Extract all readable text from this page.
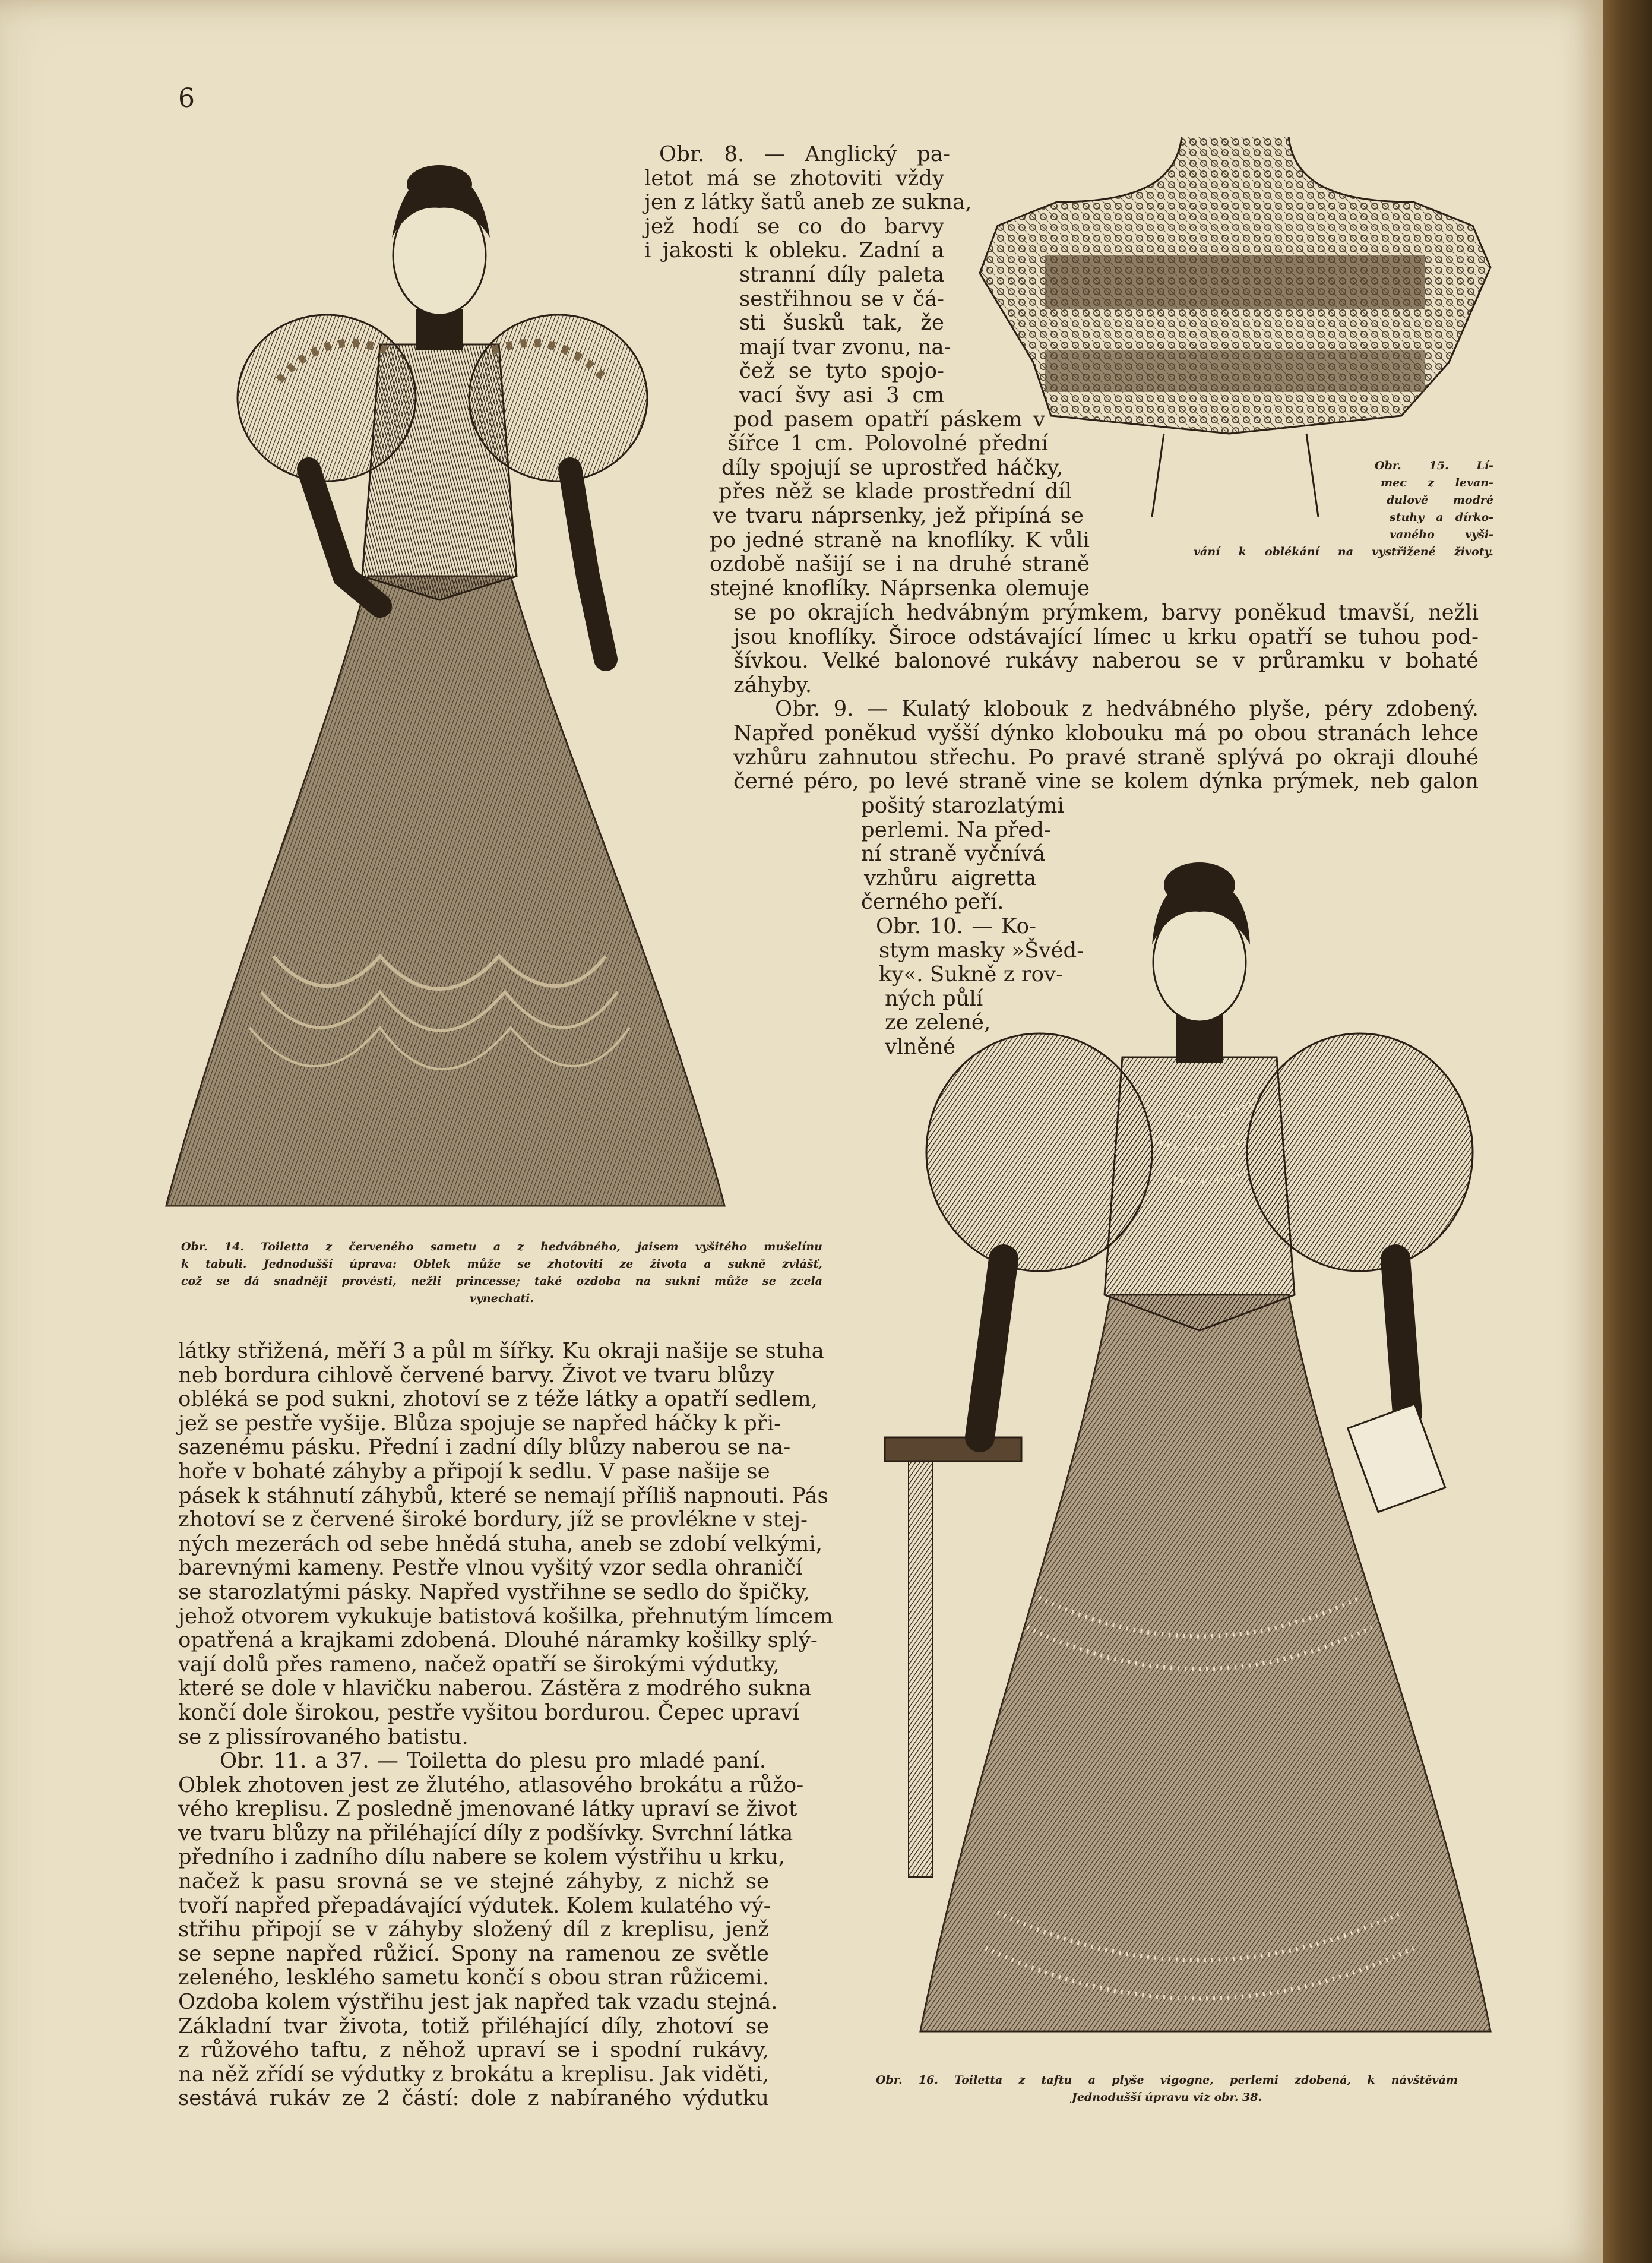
6
Obr. 8. — Anglický pa-
letot má se zhotoviti vždy
jen z látky šatů aneb ze sukna,
jež hodí se co do barvy
i jakosti k obleku. Zadní a
stranní díly paleta
sestřihnou se v čá-
sti šusků tak, že
mají tvar zvonu, na-
čež se tyto spojo-
vací švy asi 3 cm
pod pasem opatří páskem v
šířce 1 cm. Polovolné přední
díly spojují se uprostřed háčky,
přes něž se klade prostřední díl
ve tvaru náprsenky, jež připíná se
po jedné straně na knoflíky. K vůli
ozdobě našijí se i na druhé straně
stejné knoflíky. Náprsenka olemuje
se po okrajích hedvábným prýmkem, barvy poněkud tmavší, nežli
jsou knoflíky. Široce odstávající límec u krku opatří se tuhou pod-
šívkou. Velké balonové rukávy naberou se v průramku v bohaté
záhyby.
Obr. 9. — Kulatý klobouk z hedvábného plyše, péry zdobený.
Napřed poněkud vyšší dýnko klobouku má po obou stranách lehce
vzhůru zahnutou střechu. Po pravé straně splývá po okraji dlouhé
černé péro, po levé straně vine se kolem dýnka prýmek, neb galon
pošitý starozlatými
perlemi. Na před-
ní straně vyčnívá
vzhůru aigretta
černého peří.
Obr. 10. — Ko-
stym masky »Švéd-
ky«. Sukně z rov-
ných půlí
ze zelené,
vlněné
Obr. 14. Toiletta z červeného sametu a z hedvábného, jaisem vyšitého mušelínu
k tabuli. Jednodušší úprava: Oblek může se zhotoviti ze života a sukně zvlášť,
což se dá snadněji provésti, nežli princesse; také ozdoba na sukni může se zcela
vynechati.
Obr. 15. Lí-
mec z levan-
dulově modré
stuhy a dírko-
vaného vyši-
vání k oblékání na vystřižené životy.
látky střižená, měří 3 a půl m šířky. Ku okraji našije se stuha
neb bordura cihlově červené barvy. Život ve tvaru blůzy
obléká se pod sukni, zhotoví se z téže látky a opatří sedlem,
jež se pestře vyšije. Blůza spojuje se napřed háčky k při-
sazenému pásku. Přední i zadní díly blůzy naberou se na-
hoře v bohaté záhyby a připojí k sedlu. V pase našije se
pásek k stáhnutí záhybů, které se nemají příliš napnouti. Pás
zhotoví se z červené široké bordury, jíž se provlékne v stej-
ných mezerách od sebe hnědá stuha, aneb se zdobí velkými,
barevnými kameny. Pestře vlnou vyšitý vzor sedla ohraničí
se starozlatými pásky. Napřed vystřihne se sedlo do špičky,
jehož otvorem vykukuje batistová košilka, přehnutým límcem
opatřená a krajkami zdobená. Dlouhé náramky košilky splý-
vají dolů přes rameno, načež opatří se širokými výdutky,
které se dole v hlavičku naberou. Zástěra z modrého sukna
končí dole širokou, pestře vyšitou bordurou. Čepec upraví
se z plissírovaného batistu.
Obr. 11. a 37. — Toiletta do plesu pro mladé paní.
Oblek zhotoven jest ze žlutého, atlasového brokátu a růžo-
vého kreplisu. Z posledně jmenované látky upraví se život
ve tvaru blůzy na přiléhající díly z podšívky. Svrchní látka
předního i zadního dílu nabere se kolem výstřihu u krku,
načež k pasu srovná se ve stejné záhyby, z nichž se
tvoří napřed přepadávající výdutek. Kolem kulatého vý-
střihu připojí se v záhyby složený díl z kreplisu, jenž
se sepne napřed růžicí. Spony na ramenou ze světle
zeleného, lesklého sametu končí s obou stran růžicemi.
Ozdoba kolem výstřihu jest jak napřed tak vzadu stejná.
Základní tvar života, totiž přiléhající díly, zhotoví se
z růžového taftu, z něhož upraví se i spodní rukávy,
na něž zřídí se výdutky z brokátu a kreplisu. Jak viděti,
sestává rukáv ze 2 částí: dole z nabíraného výdutku
Obr. 16. Toiletta z taftu a plyše vigogne, perlemi zdobená, k návštěvám
Jednodušší úpravu viz obr. 38.
